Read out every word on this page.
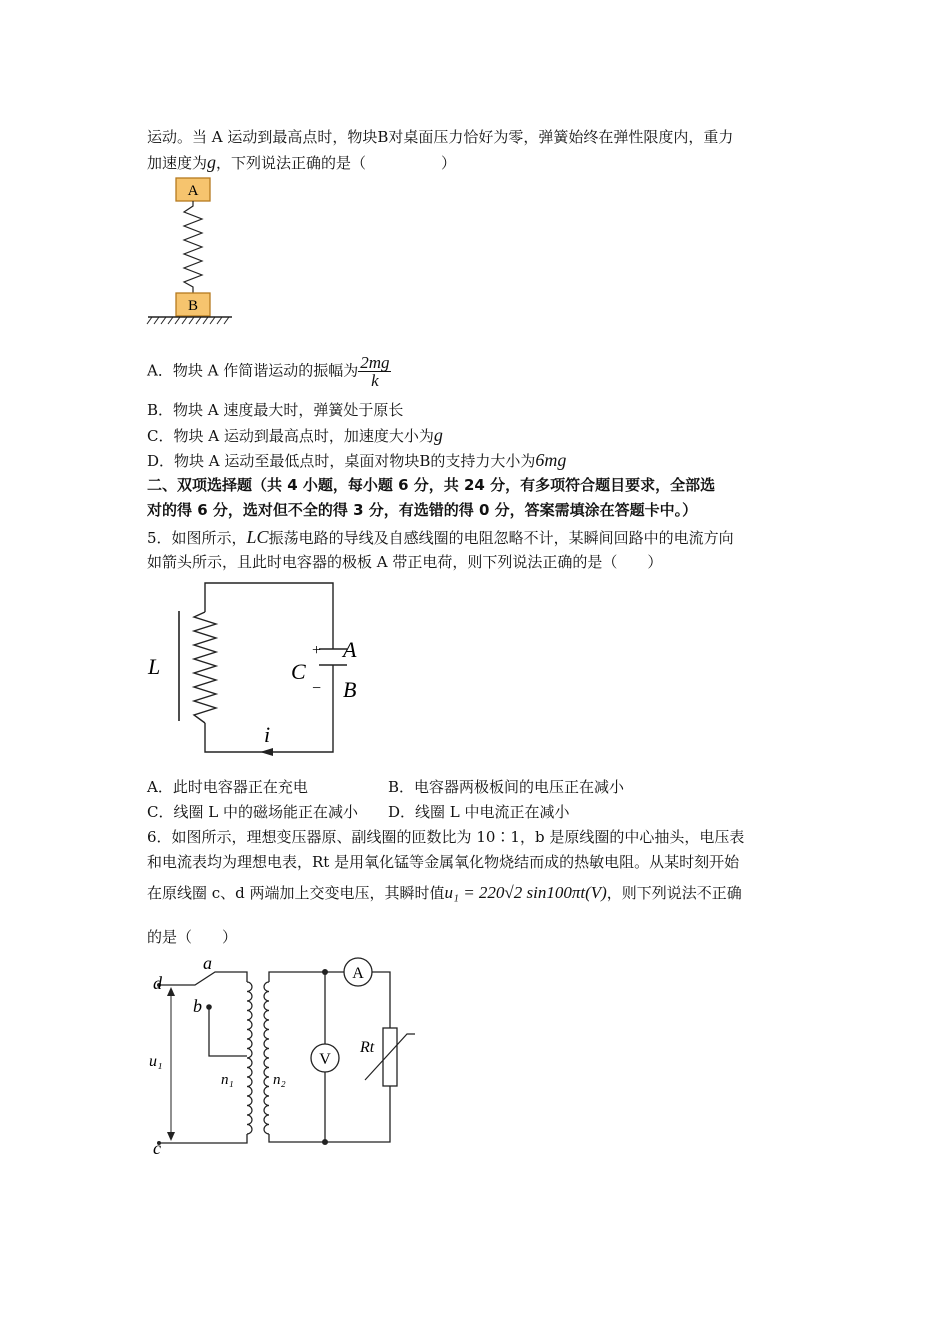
运动。当 A 运动到最高点时，物块B对桌面压力恰好为零，弹簧始终在弹性限度内，重力
加速度为g，下列说法正确的是（　　　　　）
A
B
A．物块 A 作简谐运动的振幅为 $\frac{2mg}{k}$
B．物块 A 速度最大时，弹簧处于原长
C．物块 A 运动到最高点时，加速度大小为g
D．物块 A 运动至最低点时，桌面对物块B的支持力大小为6mg
二、双项选择题（共 4 小题，每小题 6 分，共 24 分，有多项符合题目要求，全部选
对的得 6 分，选对但不全的得 3 分，有选错的得 0 分，答案需填涂在答题卡中。）
5．如图所示，LC振荡电路的导线及自感线圈的电阻忽略不计，某瞬间回路中的电流方向
如箭头所示，且此时电容器的极板 A 带正电荷，则下列说法正确的是（　　）
L
+
−
C
A
B
i
A．此时电容器正在充电	B．电容器两极板间的电压正在减小
C．线圈 L 中的磁场能正在减小 D．线圈 L 中电流正在减小
6．如图所示，理想变压器原、副线圈的匝数比为 10∶1，b 是原线圈的中心抽头，电压表
和电流表均为理想电表，Rt 是用氧化锰等金属氧化物烧结而成的热敏电阻。从某时刻开始
在原线圈 c、d 两端加上交变电压，其瞬时值u₁ = 220√2 sin100πt(V)，则下列说法不正确
的是（　　）
d
a
b
c
u₁
n₁	n₂
A
V
Rt
